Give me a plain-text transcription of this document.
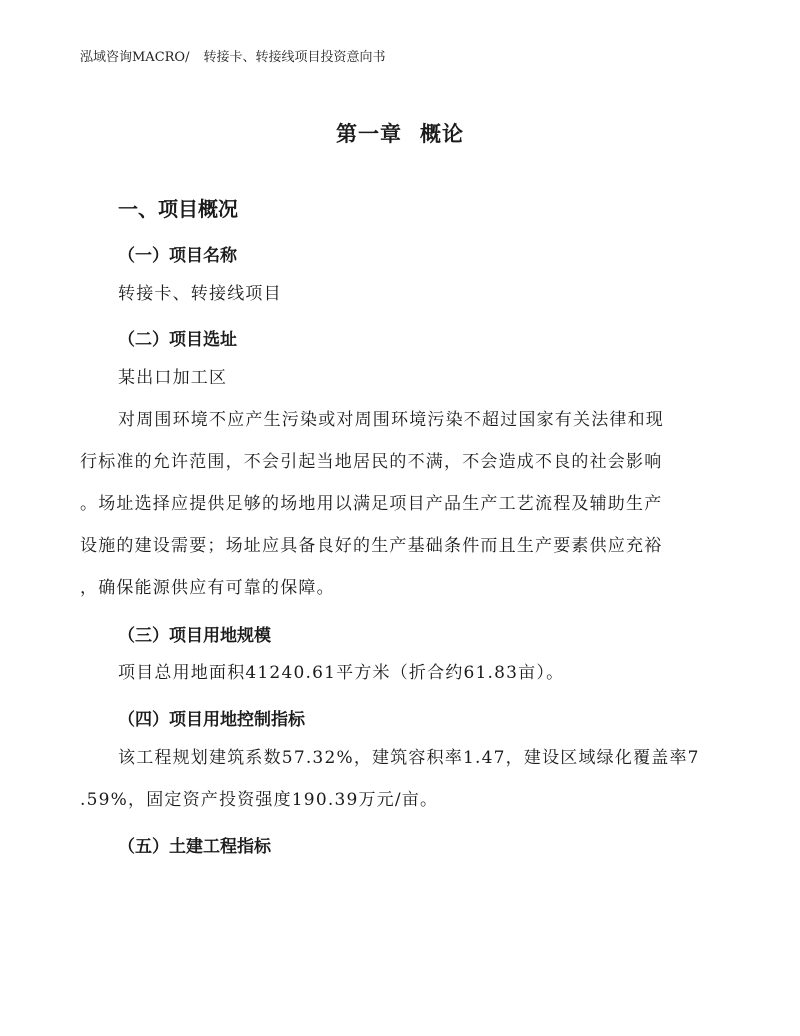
泓域咨询MACRO/ 转接卡、转接线项目投资意向书
第一章 概论
一、项目概况
（一）项目名称
转接卡、转接线项目
（二）项目选址
某出口加工区
对周围环境不应产生污染或对周围环境污染不超过国家有关法律和现
行标准的允许范围，不会引起当地居民的不满，不会造成不良的社会影响
。场址选择应提供足够的场地用以满足项目产品生产工艺流程及辅助生产
设施的建设需要；场址应具备良好的生产基础条件而且生产要素供应充裕
，确保能源供应有可靠的保障。
（三）项目用地规模
项目总用地面积41240.61平方米（折合约61.83亩）。
（四）项目用地控制指标
该工程规划建筑系数57.32%，建筑容积率1.47，建设区域绿化覆盖率7
.59%，固定资产投资强度190.39万元/亩。
（五）土建工程指标
